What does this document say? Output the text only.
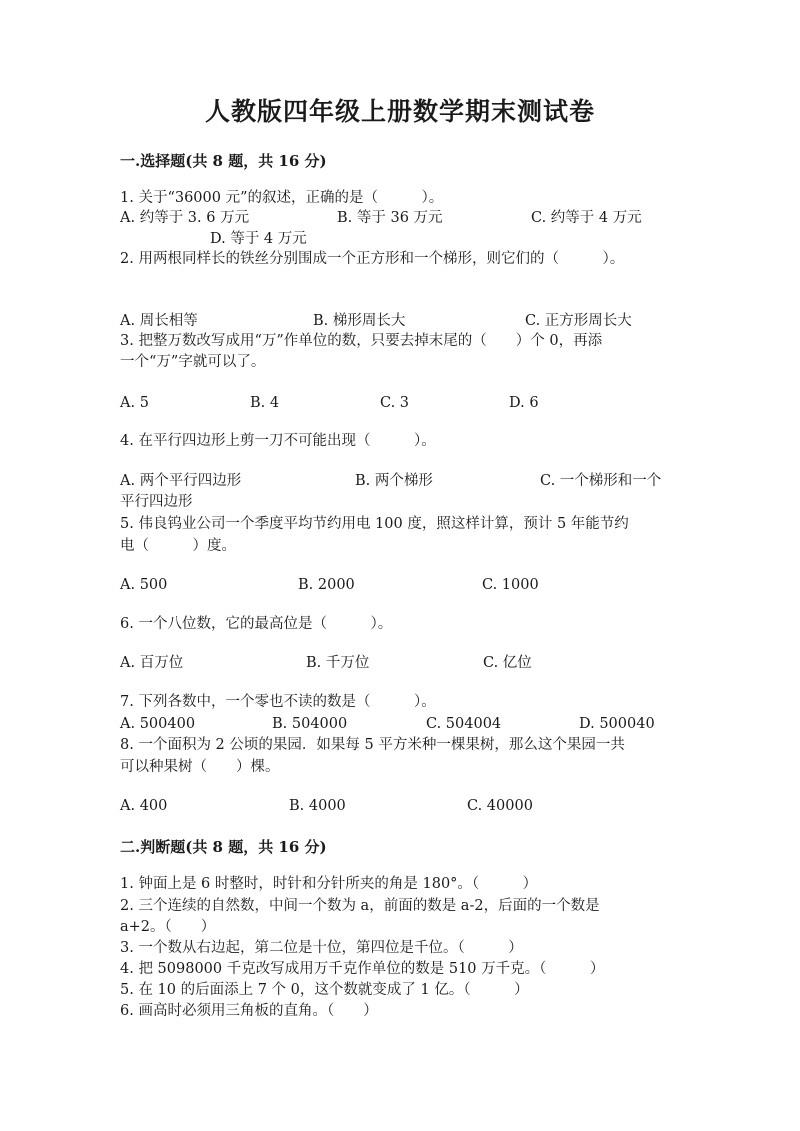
人教版四年级上册数学期末测试卷
一.选择题(共 8 题，共 16 分)
1. 关于“36000 元”的叙述，正确的是（　　　）。
A. 约等于 3. 6 万元	B. 等于 36 万元	C. 约等于 4 万元
D. 等于 4 万元
2. 用两根同样长的铁丝分别围成一个正方形和一个梯形，则它们的（　　　）。
A. 周长相等	B. 梯形周长大	C. 正方形周长大
3. 把整万数改写成用“万”作单位的数，只要去掉末尾的（　　）个 0，再添
一个“万”字就可以了。
A. 5	B. 4	C. 3	D. 6
4. 在平行四边形上剪一刀不可能出现（　　　）。
A. 两个平行四边形	B. 两个梯形	C. 一个梯形和一个
平行四边形
5. 伟良钨业公司一个季度平均节约用电 100 度，照这样计算，预计 5 年能节约
电（　　　）度。
A. 500	B. 2000	C. 1000
6. 一个八位数，它的最高位是（　　　）。
A. 百万位	B. 千万位	C. 亿位
7. 下列各数中，一个零也不读的数是（　　　）。
A. 500400	B. 504000	C. 504004	D. 500040
8. 一个面积为 2 公顷的果园．如果每 5 平方米种一棵果树，那么这个果园一共
可以种果树（　　）棵。
A. 400	B. 4000	C. 40000
二.判断题(共 8 题，共 16 分)
1. 钟面上是 6 时整时，时针和分针所夹的角是 180°。（　　　）
2. 三个连续的自然数，中间一个数为 a，前面的数是 a-2，后面的一个数是
a+2。（　　）
3. 一个数从右边起，第二位是十位，第四位是千位。（　　　）
4. 把 5098000 千克改写成用万千克作单位的数是 510 万千克。（　　　）
5. 在 10 的后面添上 7 个 0，这个数就变成了 1 亿。（　　　）
6. 画高时必须用三角板的直角。（　　）
